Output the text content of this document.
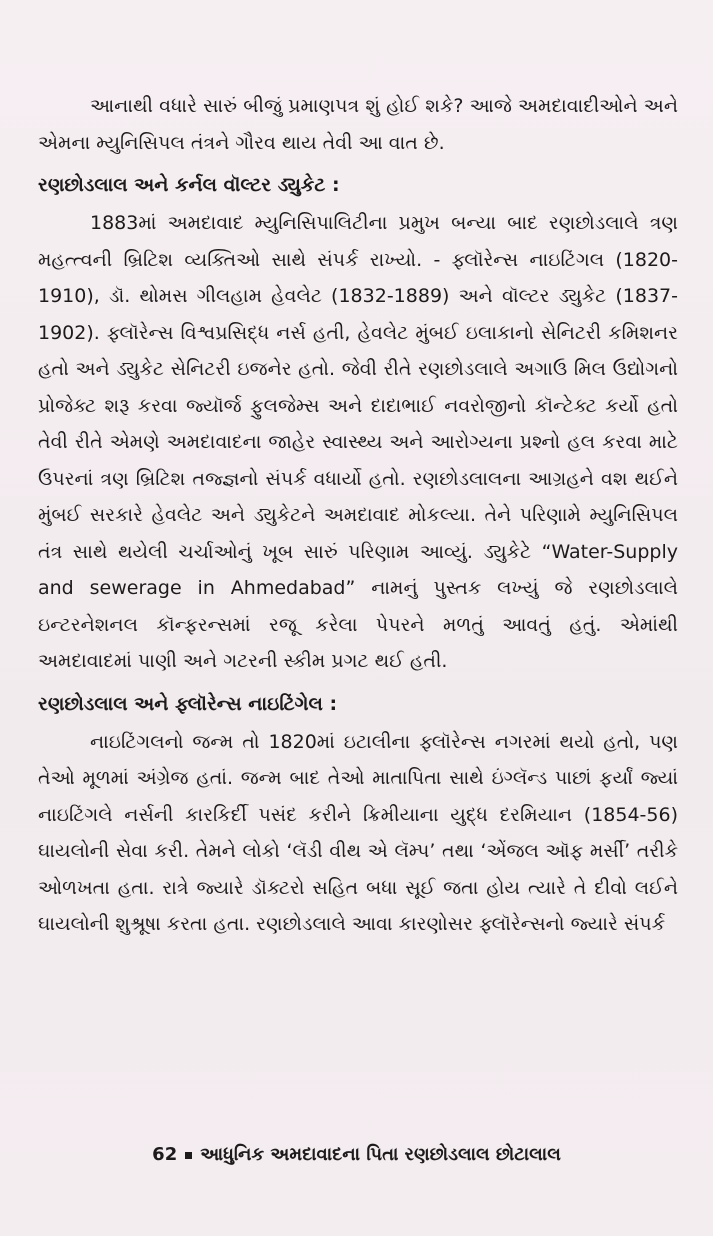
આનાથી વધારે સારું બીજું પ્રમાણપત્ર શું હોઈ શકે? આજે અમદાવાદીઓને અને એમના મ્યુનિસિપલ તંત્રને ગૌરવ થાય તેવી આ વાત છે.

રણછોડલાલ અને કર્નલ વૉલ્ટર ડ્યુકેટ :

1883માં અમદાવાદ મ્યુનિસિપાલિટીના પ્રમુખ બન્યા બાદ રણછોડલાલે ત્રણ મહત્ત્વની બ્રિટિશ વ્યક્તિઓ સાથે સંપર્ક રાખ્યો. - ફ્લૉરેન્સ નાઇટિંગલ (1820-1910), ડૉ. થોમસ ગીલહામ હેવલેટ (1832-1889) અને વૉલ્ટર ડ્યુકેટ (1837-1902). ફ્લૉરેન્સ વિશ્વપ્રસિદ્ધ નર્સ હતી, હેવલેટ મુંબઈ ઇલાકાનો સેનિટરી કમિશનર હતો અને ડ્યુકેટ સેનિટરી ઇજનેર હતો. જેવી રીતે રણછોડલાલે અગાઉ મિલ ઉદ્યોગનો પ્રોજેક્ટ શરૂ કરવા જ્યૉર્જ ફુલજેમ્સ અને દાદાભાઈ નવરોજીનો કૉન્ટેક્ટ કર્યો હતો તેવી રીતે એમણે અમદાવાદના જાહેર સ્વાસ્થ્ય અને આરોગ્યના પ્રશ્નો હલ કરવા માટે ઉપરનાં ત્રણ બ્રિટિશ તજ્જ્ઞનો સંપર્ક વધાર્યો હતો. રણછોડલાલના આગ્રહને વશ થઈને મુંબઈ સરકારે હેવલેટ અને ડ્યુકેટને અમદાવાદ મોકલ્યા. તેને પરિણામે મ્યુનિસિપલ તંત્ર સાથે થયેલી ચર્ચાઓનું ખૂબ સારું પરિણામ આવ્યું. ડ્યુકેટે “Water-Supply and sewerage in Ahmedabad” નામનું પુસ્તક લખ્યું જે રણછોડલાલે ઇન્ટરનેશનલ કૉન્ફરન્સમાં રજૂ કરેલા પેપરને મળતું આવતું હતું. એમાંથી અમદાવાદમાં પાણી અને ગટરની સ્કીમ પ્રગટ થઈ હતી.

રણછોડલાલ અને ફ્લૉરેન્સ નાઇટિંગેલ :

નાઇટિંગલનો જન્મ તો 1820માં ઇટાલીના ફ્લૉરેન્સ નગરમાં થયો હતો, પણ તેઓ મૂળમાં અંગ્રેજ હતાં. જન્મ બાદ તેઓ માતાપિતા સાથે ઇંગ્લૅન્ડ પાછાં ફર્યાં જ્યાં નાઇટિંગલે નર્સની કારકિર્દી પસંદ કરીને ક્રિમીયાના યુદ્ધ દરમિયાન (1854-56) ઘાયલોની સેવા કરી. તેમને લોકો ‘લૅડી વીથ એ લૅમ્પ’ તથા ‘એંજલ ઑફ મર્સી’ તરીકે ઓળખતા હતા. રાત્રે જ્યારે ડૉક્ટરો સહિત બધા સૂઈ જતા હોય ત્યારે તે દીવો લઈને ઘાયલોની શુશ્રૂષા કરતા હતા. રણછોડલાલે આવા કારણોસર ફ્લૉરેન્સનો જ્યારે સંપર્ક

62 આધુનિક અમદાવાદના પિતા રણછોડલાલ છોટાલાલ
